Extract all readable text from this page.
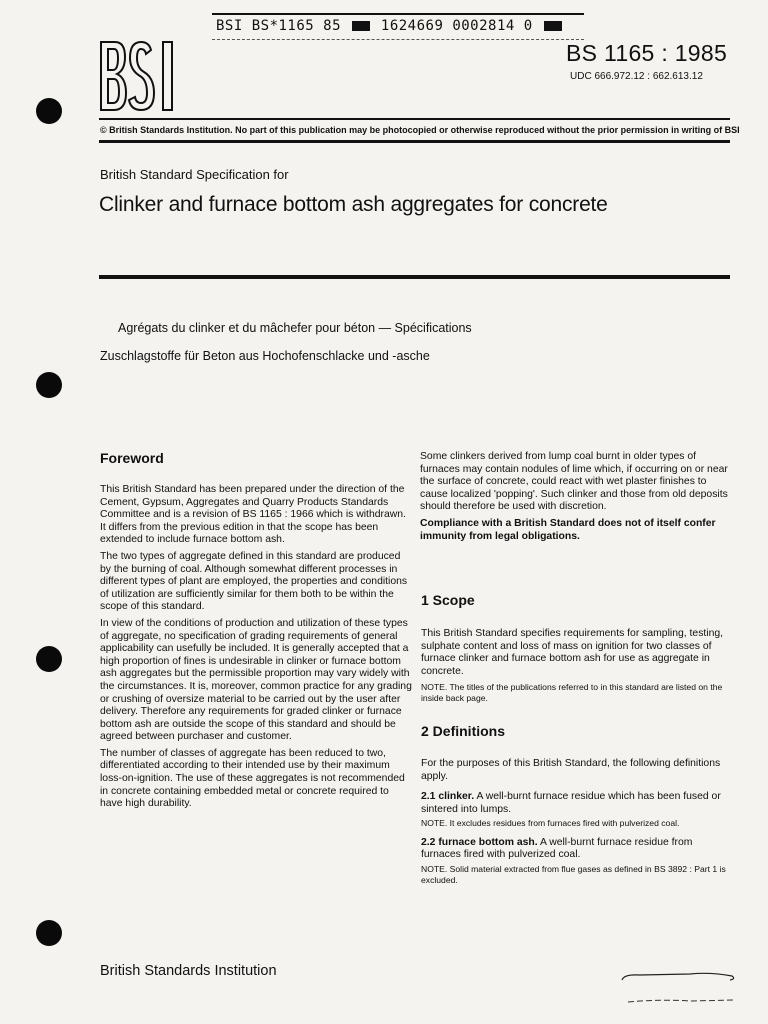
BSI BS*1165 85	1624669 0002814 0
BS 1165 : 1985
UDC 666.972.12 : 662.613.12
© British Standards Institution. No part of this publication may be photocopied or otherwise reproduced without the prior permission in writing of BSI
British Standard Specification for
Clinker and furnace bottom ash aggregates for concrete
Agrégats du clinker et du mâchefer pour béton — Spécifications
Zuschlagstoffe für Beton aus Hochofenschlacke und -asche
Foreword

This British Standard has been prepared under the direction of the Cement, Gypsum, Aggregates and Quarry Products Standards Committee and is a revision of BS 1165 : 1966 which is withdrawn. It differs from the previous edition in that the scope has been extended to include furnace bottom ash.

The two types of aggregate defined in this standard are produced by the burning of coal. Although somewhat different processes in different types of plant are employed, the properties and conditions of utilization are sufficiently similar for them both to be within the scope of this standard.

In view of the conditions of production and utilization of these types of aggregate, no specification of grading requirements of general applicability can usefully be included. It is generally accepted that a high proportion of fines is undesirable in clinker or furnace bottom ash aggregates but the permissible proportion may vary widely with the circumstances. It is, moreover, common practice for any grading or crushing of oversize material to be carried out by the user after delivery. Therefore any requirements for graded clinker or furnace bottom ash are outside the scope of this standard and should be agreed between purchaser and customer.

The number of classes of aggregate has been reduced to two, differentiated according to their intended use by their maximum loss-on-ignition. The use of these aggregates is not recommended in concrete containing embedded metal or concrete required to have high durability.

Some clinkers derived from lump coal burnt in older types of furnaces may contain nodules of lime which, if occurring on or near the surface of concrete, could react with wet plaster finishes to cause localized 'popping'. Such clinker and those from old deposits should therefore be used with discretion.

Compliance with a British Standard does not of itself confer immunity from legal obligations.

1 Scope

This British Standard specifies requirements for sampling, testing, sulphate content and loss of mass on ignition for two classes of furnace clinker and furnace bottom ash for use as aggregate in concrete.

NOTE. The titles of the publications referred to in this standard are listed on the inside back page.

2 Definitions

For the purposes of this British Standard, the following definitions apply.

2.1 clinker. A well-burnt furnace residue which has been fused or sintered into lumps.

NOTE. It excludes residues from furnaces fired with pulverized coal.

2.2 furnace bottom ash. A well-burnt furnace residue from furnaces fired with pulverized coal.

NOTE. Solid material extracted from flue gases as defined in BS 3892 : Part 1 is excluded.

British Standards Institution
